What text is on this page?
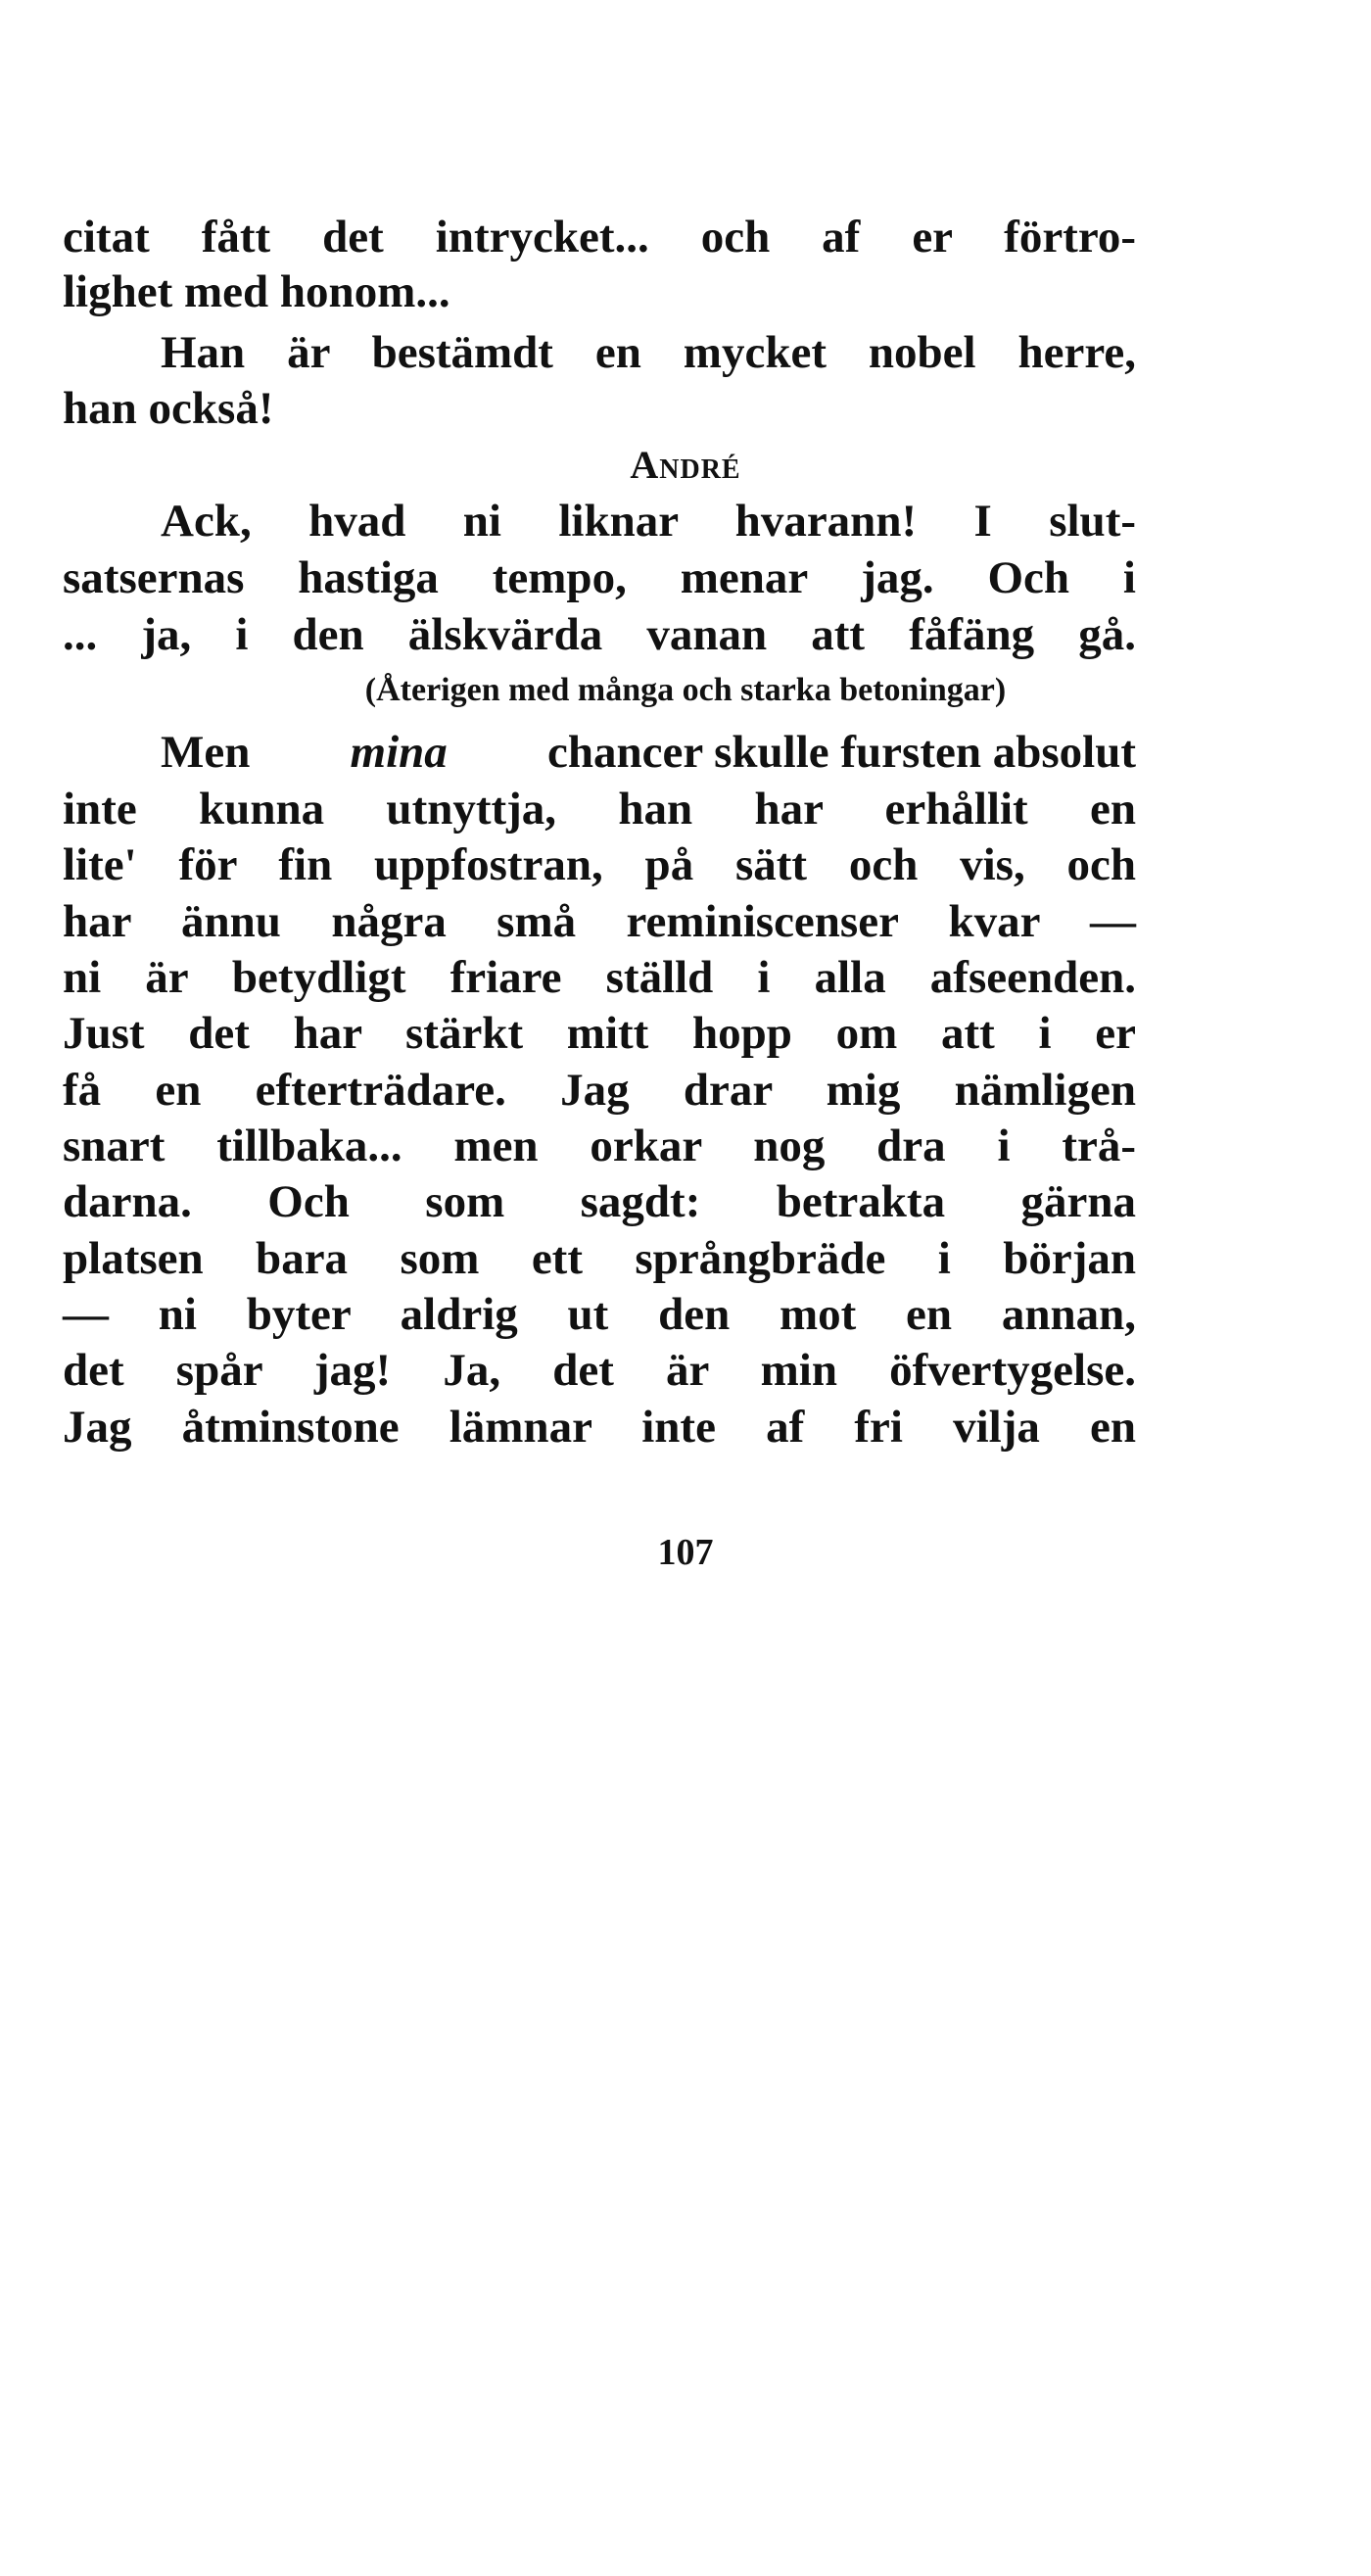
citat fått det intrycket... och af er förtro-
lighet med honom...
Han är bestämdt en mycket nobel herre,
han också!
André
Ack, hvad ni liknar hvarann! I slut-
satsernas hastiga tempo, menar jag. Och i
... ja, i den älskvärda vanan att fåfäng gå.
(Återigen med många och starka betoningar)
Men mina chancer skulle fursten absolut
inte kunna utnyttja, han har erhållit en
lite' för fin uppfostran, på sätt och vis, och
har ännu några små reminiscenser kvar —
ni är betydligt friare ställd i alla afseenden.
Just det har stärkt mitt hopp om att i er
få en efterträdare. Jag drar mig nämligen
snart tillbaka... men orkar nog dra i trå-
darna. Och som sagdt: betrakta gärna
platsen bara som ett språngbräde i början
— ni byter aldrig ut den mot en annan,
det spår jag! Ja, det är min öfvertygelse.
Jag åtminstone lämnar inte af fri vilja en
107
